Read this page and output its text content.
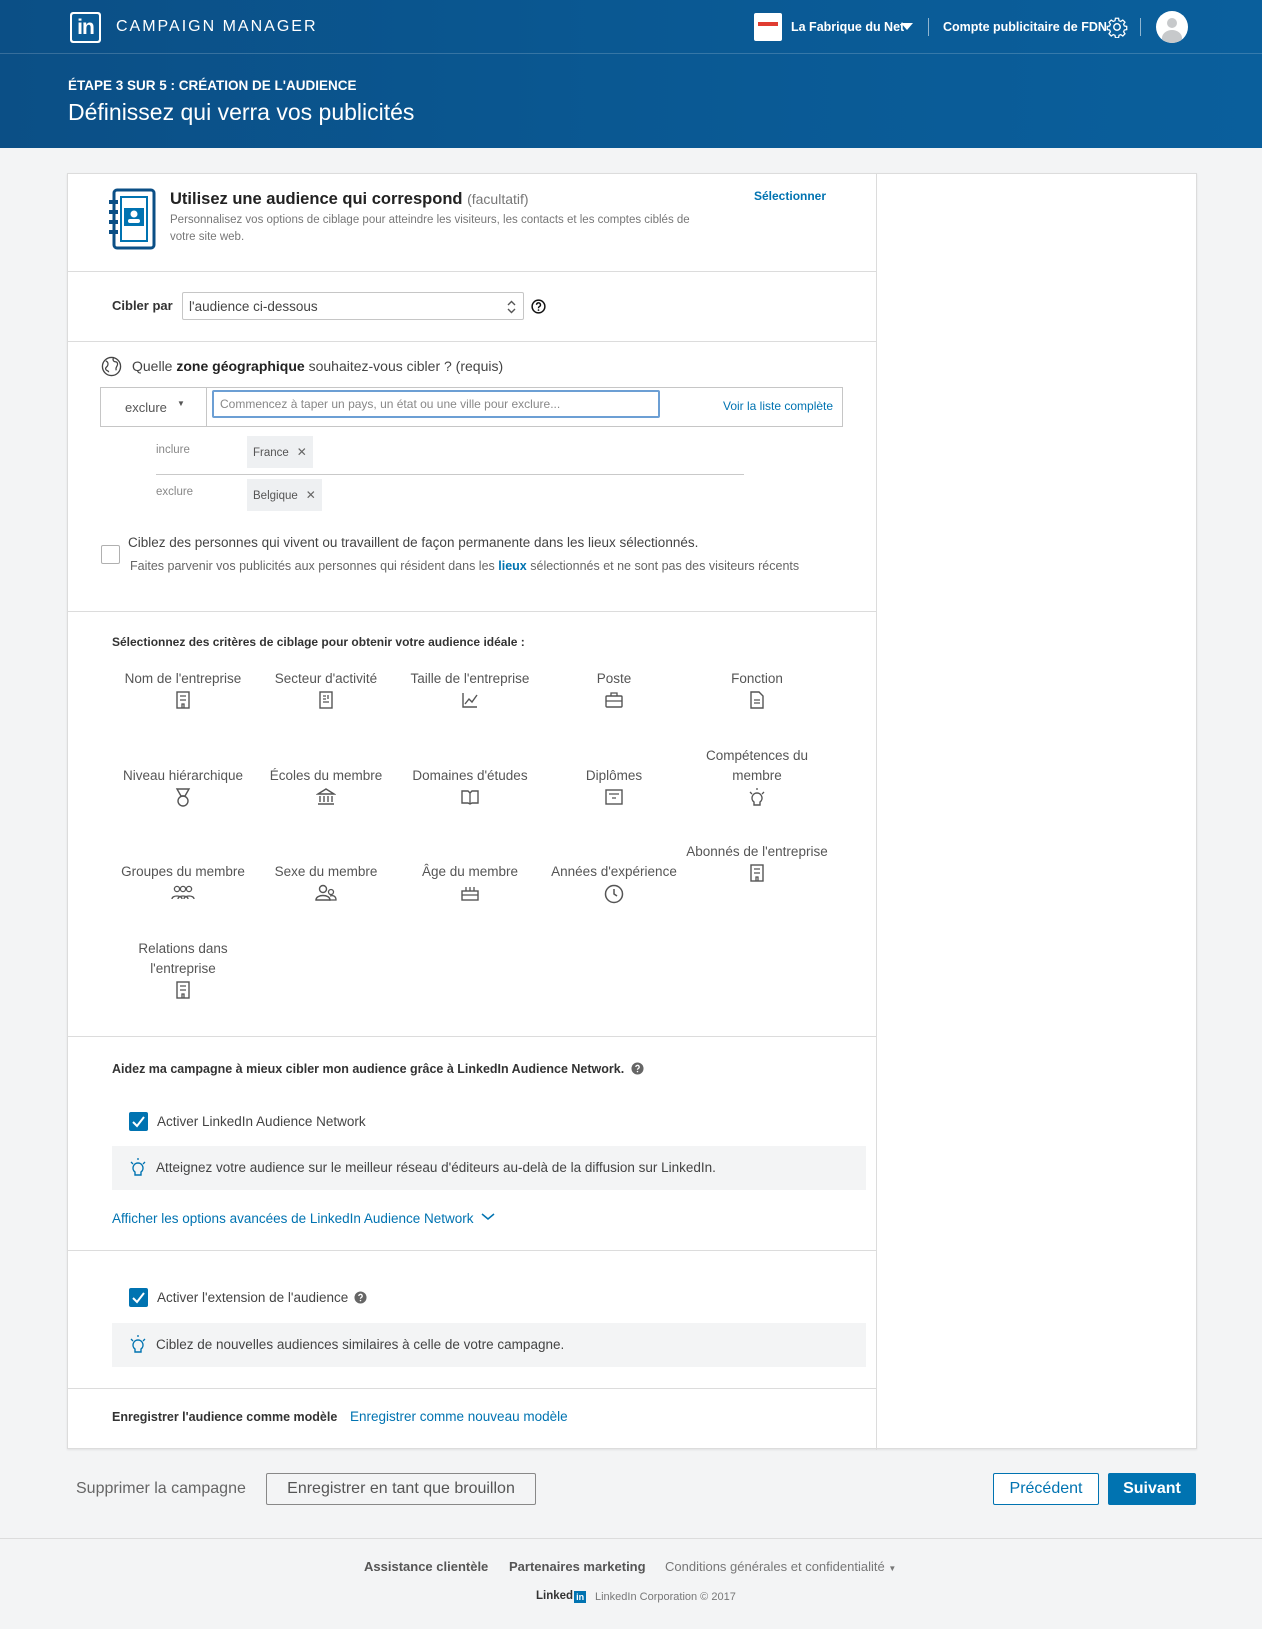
in	CAMPAIGN MANAGER	La Fabrique du Net	Compte publicitaire de FDN
ÉTAPE 3 SUR 5 : CRÉATION DE L'AUDIENCE
Définissez qui verra vos publicités
Utilisez une audience qui correspond (facultatif)
Personnalisez vos options de ciblage pour atteindre les visiteurs, les contacts et les comptes ciblés de
votre site web.
Sélectionner
Cibler par l'audience ci-dessous
Quelle zone géographique souhaitez-vous cibler ? (requis)
exclure ▼	Commencez à taper un pays, un état ou une ville pour exclure...	Voir la liste complète
inclure	France ✕
exclure	Belgique ✕
Ciblez des personnes qui vivent ou travaillent de façon permanente dans les lieux sélectionnés.
Faites parvenir vos publicités aux personnes qui résident dans les lieux sélectionnés et ne sont pas des visiteurs récents
Sélectionnez des critères de ciblage pour obtenir votre audience idéale :
Nom de l'entreprise	Secteur d'activité	Taille de l'entreprise	Poste	Fonction
Niveau hiérarchique	Écoles du membre	Domaines d'études	Diplômes
Compétences du membre
Groupes du membre	Sexe du membre	Âge du membre	Années d'expérience
Abonnés de l'entreprise
Relations dans l'entreprise
Aidez ma campagne à mieux cibler mon audience grâce à LinkedIn Audience Network.
Activer LinkedIn Audience Network
Atteignez votre audience sur le meilleur réseau d'éditeurs au-delà de la diffusion sur LinkedIn.
Afficher les options avancées de LinkedIn Audience Network
Activer l'extension de l'audience
Ciblez de nouvelles audiences similaires à celle de votre campagne.
Enregistrer l'audience comme modèle Enregistrer comme nouveau modèle
Supprimer la campagne	Enregistrer en tant que brouillon	Précédent	Suivant
Assistance clientèle Partenaires marketing Conditions générales et confidentialité ▼
Linked in LinkedIn Corporation © 2017
